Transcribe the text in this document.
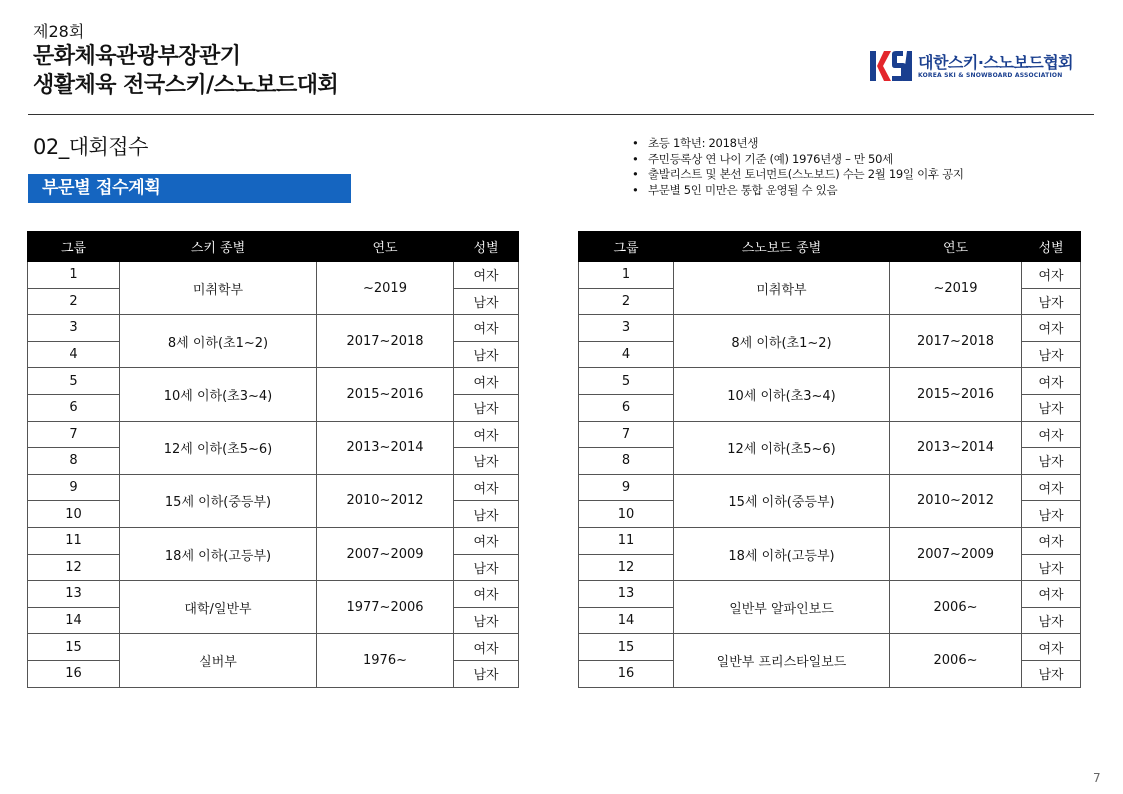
제28회
문화체육관광부장관기
생활체육 전국스키/스노보드대회
대한스키·스노보드협회
KOREA SKI & SNOWBOARD ASSOCIATION
02_대회접수
부문별 접수계획
• 초등 1학년: 2018년생
• 주민등록상 연 나이 기준 (예) 1976년생 – 만 50세
• 출발리스트 및 본선 토너먼트(스노보드) 수는 2월 19일 이후 공지
• 부문별 5인 미만은 통합 운영될 수 있음
그룹	스키 종별	연도	성별
1	미취학부	~2019	여자
2			남자
3	8세 이하(초1~2)	2017~2018	여자
4			남자
5	10세 이하(초3~4)	2015~2016	여자
6			남자
7	12세 이하(초5~6)	2013~2014	여자
8			남자
9	15세 이하(중등부)	2010~2012	여자
10			남자
11	18세 이하(고등부)	2007~2009	여자
12			남자
13	대학/일반부	1977~2006	여자
14			남자
15	실버부	1976~	여자
16			남자
그룹	스노보드 종별	연도	성별
1	미취학부	~2019	여자
2			남자
3	8세 이하(초1~2)	2017~2018	여자
4			남자
5	10세 이하(초3~4)	2015~2016	여자
6			남자
7	12세 이하(초5~6)	2013~2014	여자
8			남자
9	15세 이하(중등부)	2010~2012	여자
10			남자
11	18세 이하(고등부)	2007~2009	여자
12			남자
13	일반부 알파인보드	2006~	여자
14			남자
15	일반부 프리스타일보드	2006~	여자
16			남자
7
